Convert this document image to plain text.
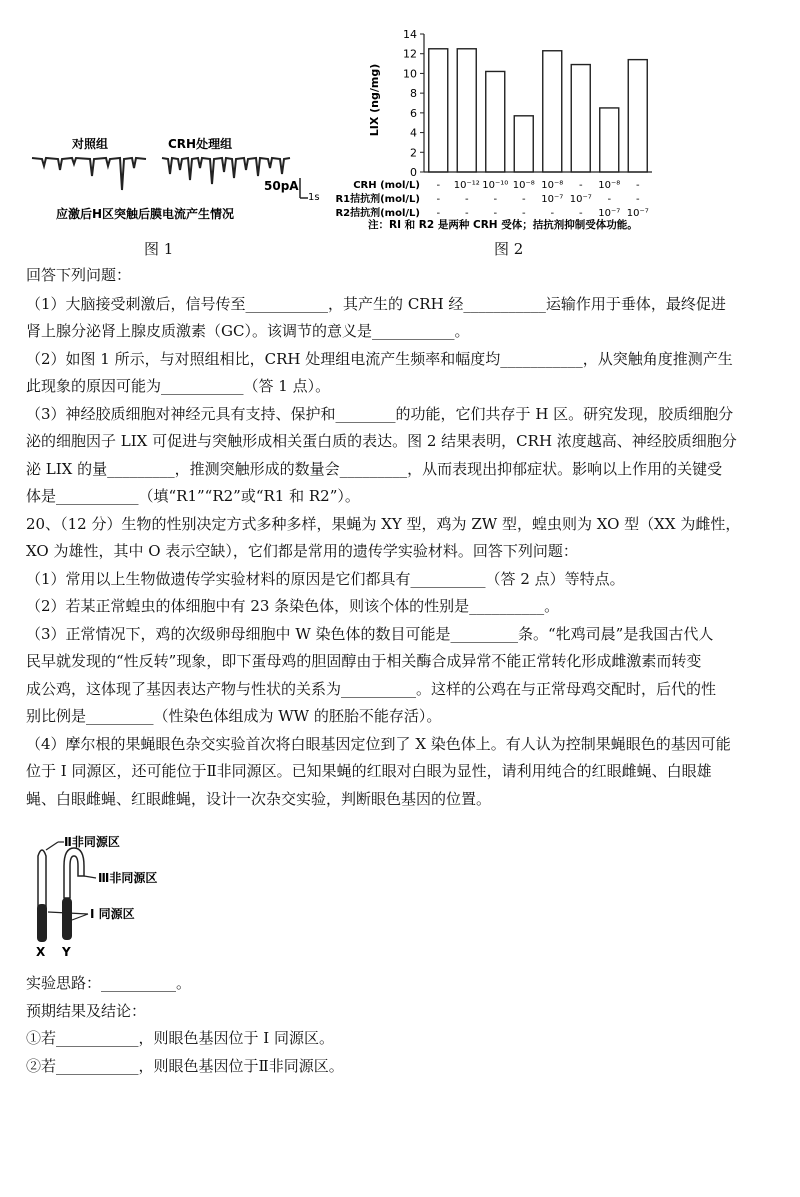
对照组	CRH处理组
50pA
1s
应激后H区突触后膜电流产生情况
图 1
0
2
4
6
8
10
12
14
LIX (ng/mg)
CRH (mol/L) - 10⁻¹² 10⁻¹⁰ 10⁻⁸ 10⁻⁸ - 10⁻⁸ -
R1拮抗剂(mol/L) - - - - 10⁻⁷ 10⁻⁷ - -
R2拮抗剂(mol/L) - - - - - - 10⁻⁷ 10⁻⁷
注：RI 和 R2 是两种 CRH 受体；拮抗剂抑制受体功能。
图 2
回答下列问题：
（1）大脑接受刺激后，信号传至___________，其产生的 CRH 经___________运输作用于垂体，最终促进
肾上腺分泌肾上腺皮质激素（GC）。该调节的意义是___________。
（2）如图 1 所示，与对照组相比，CRH 处理组电流产生频率和幅度均___________，从突触角度推测产生
此现象的原因可能为___________（答 1 点）。
（3）神经胶质细胞对神经元具有支持、保护和________的功能，它们共存于 H 区。研究发现，胶质细胞分
泌的细胞因子 LIX 可促进与突触形成相关蛋白质的表达。图 2 结果表明，CRH 浓度越高、神经胶质细胞分
泌 LIX 的量_________，推测突触形成的数量会_________，从而表现出抑郁症状。影响以上作用的关键受
体是___________（填“R1”“R2”或“R1 和 R2”）。
20、（12 分）生物的性别决定方式多种多样，果蝇为 XY 型，鸡为 ZW 型，蝗虫则为 XO 型（XX 为雌性，
XO 为雄性，其中 O 表示空缺），它们都是常用的遗传学实验材料。回答下列问题：
（1）常用以上生物做遗传学实验材料的原因是它们都具有__________（答 2 点）等特点。
（2）若某正常蝗虫的体细胞中有 23 条染色体，则该个体的性别是__________。
（3）正常情况下，鸡的次级卵母细胞中 W 染色体的数目可能是_________条。“牝鸡司晨”是我国古代人
民早就发现的“性反转”现象，即下蛋母鸡的胆固醇由于相关酶合成异常不能正常转化形成雌激素而转变
成公鸡，这体现了基因表达产物与性状的关系为__________。这样的公鸡在与正常母鸡交配时，后代的性
别比例是_________（性染色体组成为 WW 的胚胎不能存活）。
（4）摩尔根的果蝇眼色杂交实验首次将白眼基因定位到了 X 染色体上。有人认为控制果蝇眼色的基因可能
位于 I 同源区，还可能位于Ⅱ非同源区。已知果蝇的红眼对白眼为显性，请利用纯合的红眼雌蝇、白眼雄
蝇、白眼雌蝇、红眼雌蝇，设计一次杂交实验，判断眼色基因的位置。
Ⅱ非同源区
Ⅲ非同源区
I 同源区
X Y
实验思路：__________。
预期结果及结论：
①若___________，则眼色基因位于 I 同源区。
②若___________，则眼色基因位于Ⅱ非同源区。
